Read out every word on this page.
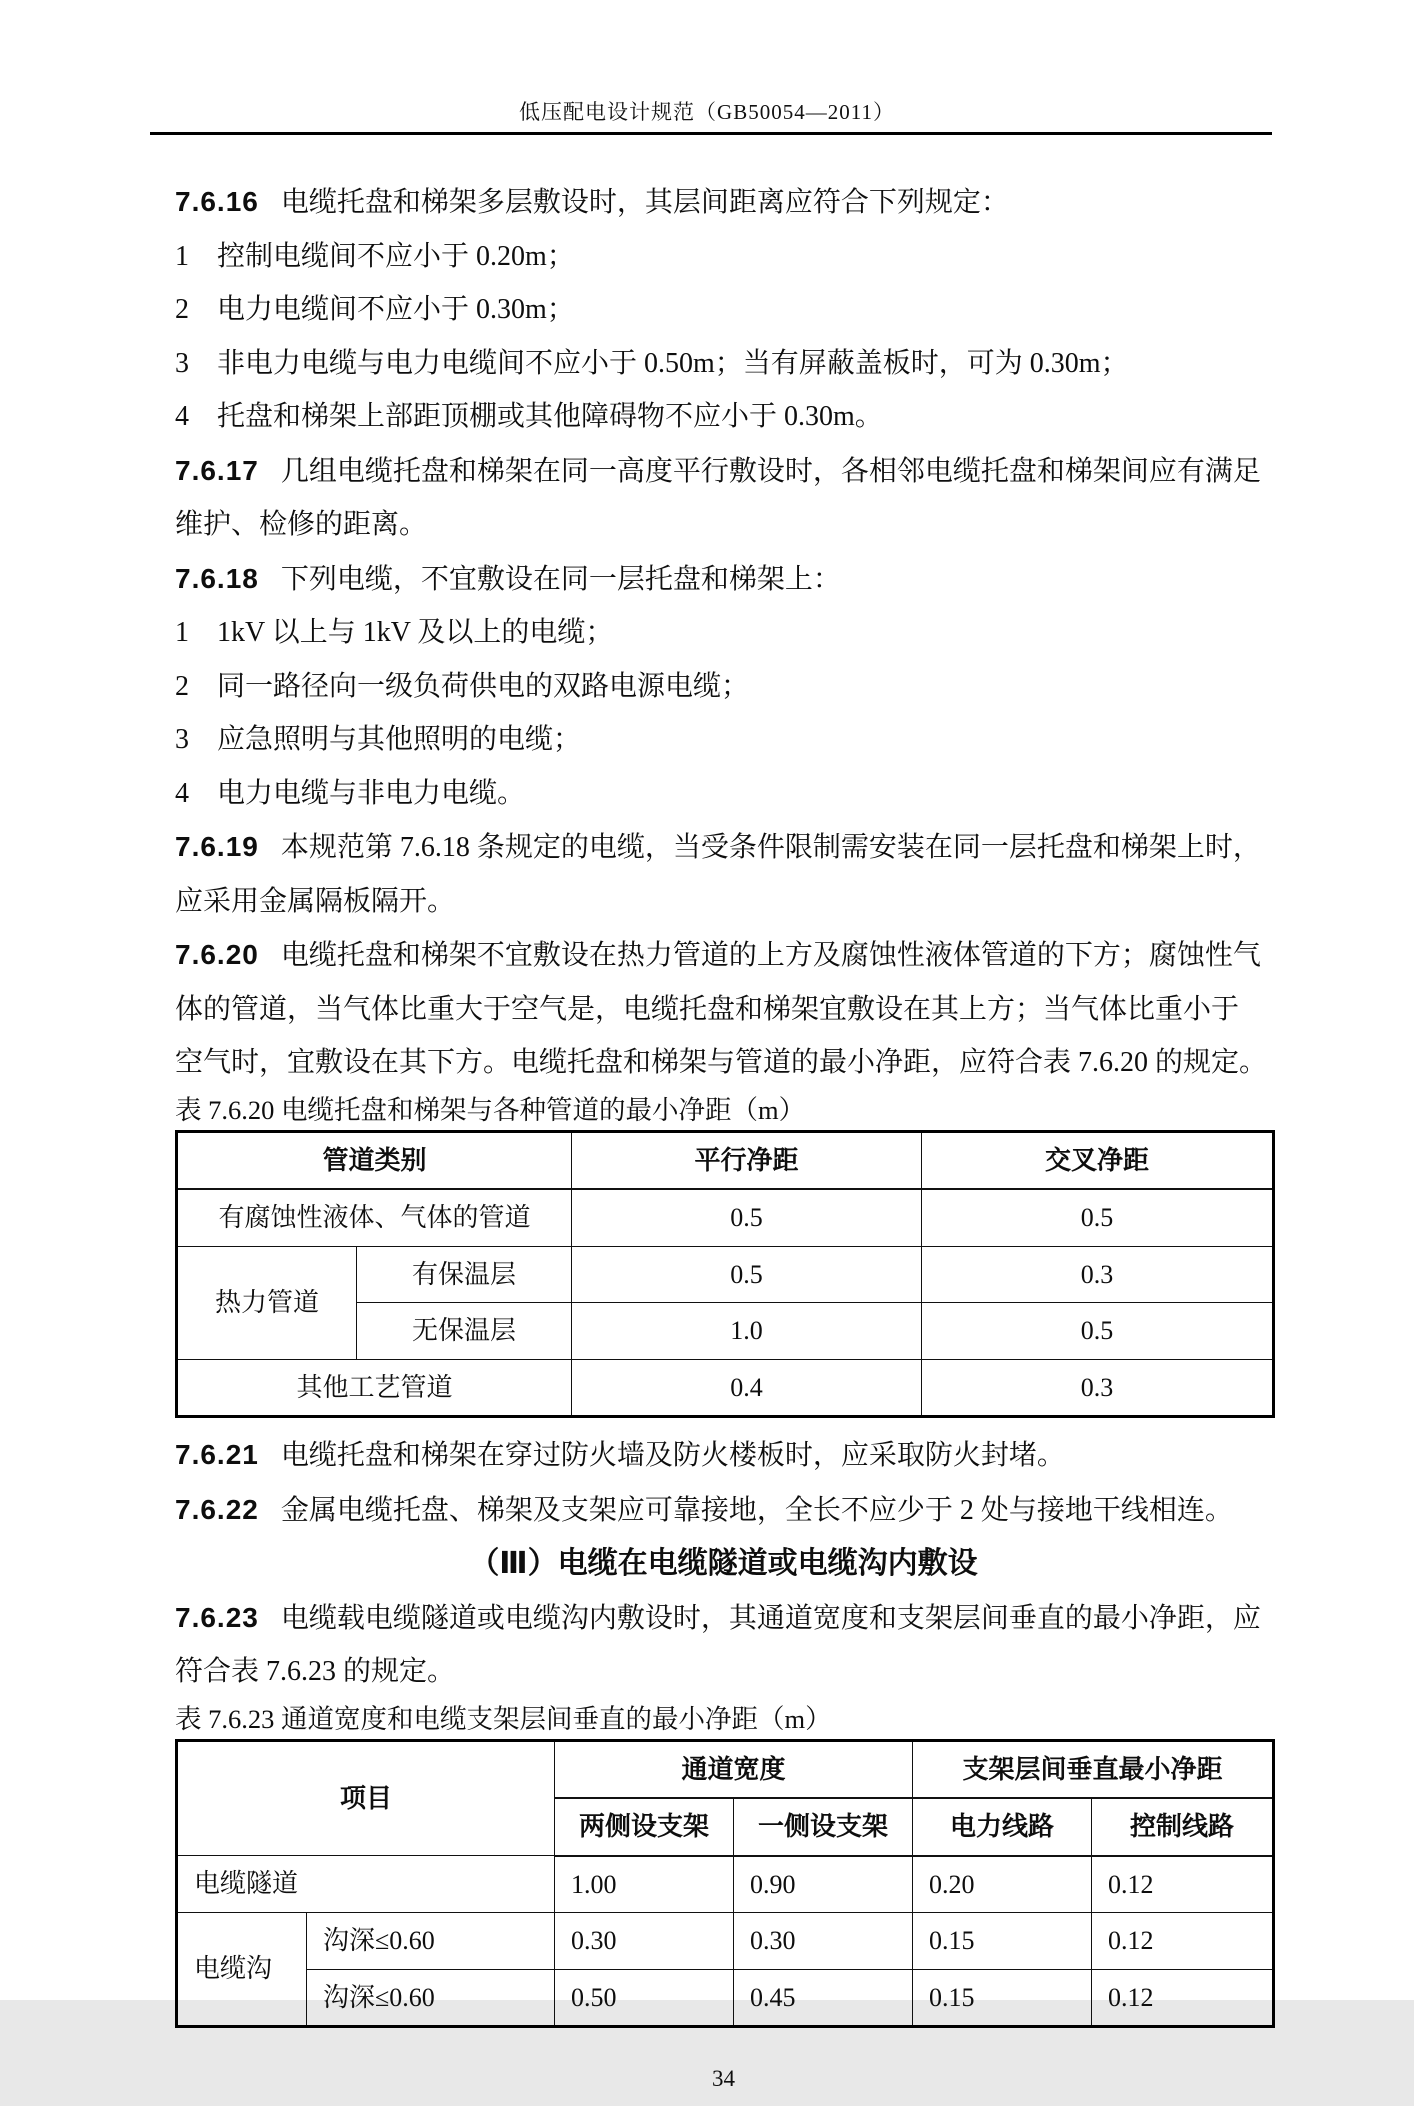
低压配电设计规范（GB50054—2011）

7.6.16 电缆托盘和梯架多层敷设时，其层间距离应符合下列规定：

1　控制电缆间不应小于 0.20m；

2　电力电缆间不应小于 0.30m；

3　非电力电缆与电力电缆间不应小于 0.50m；当有屏蔽盖板时，可为 0.30m；

4　托盘和梯架上部距顶棚或其他障碍物不应小于 0.30m。

7.6.17 几组电缆托盘和梯架在同一高度平行敷设时，各相邻电缆托盘和梯架间应有满足

维护、检修的距离。

7.6.18 下列电缆，不宜敷设在同一层托盘和梯架上：

1　1kV 以上与 1kV 及以上的电缆；

2　同一路径向一级负荷供电的双路电源电缆；

3　应急照明与其他照明的电缆；

4　电力电缆与非电力电缆。

7.6.19 本规范第 7.6.18 条规定的电缆，当受条件限制需安装在同一层托盘和梯架上时，

应采用金属隔板隔开。

7.6.20 电缆托盘和梯架不宜敷设在热力管道的上方及腐蚀性液体管道的下方；腐蚀性气

体的管道，当气体比重大于空气是，电缆托盘和梯架宜敷设在其上方；当气体比重小于

空气时，宜敷设在其下方。电缆托盘和梯架与管道的最小净距，应符合表 7.6.20 的规定。

表 7.6.20 电缆托盘和梯架与各种管道的最小净距（m）

管道类别		平行净距	交叉净距
有腐蚀性液体、气体的管道		0.5	0.5
热力管道	有保温层	0.5	0.3
	无保温层	1.0	0.5
其他工艺管道		0.4	0.3

7.6.21 电缆托盘和梯架在穿过防火墙及防火楼板时，应采取防火封堵。

7.6.22 金属电缆托盘、梯架及支架应可靠接地，全长不应少于 2 处与接地干线相连。

（Ⅲ）电缆在电缆隧道或电缆沟内敷设

7.6.23 电缆载电缆隧道或电缆沟内敷设时，其通道宽度和支架层间垂直的最小净距，应

符合表 7.6.23 的规定。

表 7.6.23 通道宽度和电缆支架层间垂直的最小净距（m）

项目		通道宽度		支架层间垂直最小净距	
		两侧设支架	一侧设支架	电力线路	控制线路
电缆隧道		1.00	0.90	0.20	0.12
电缆沟	沟深≤0.60	0.30	0.30	0.15	0.12
	沟深≤0.60	0.50	0.45	0.15	0.12

34
